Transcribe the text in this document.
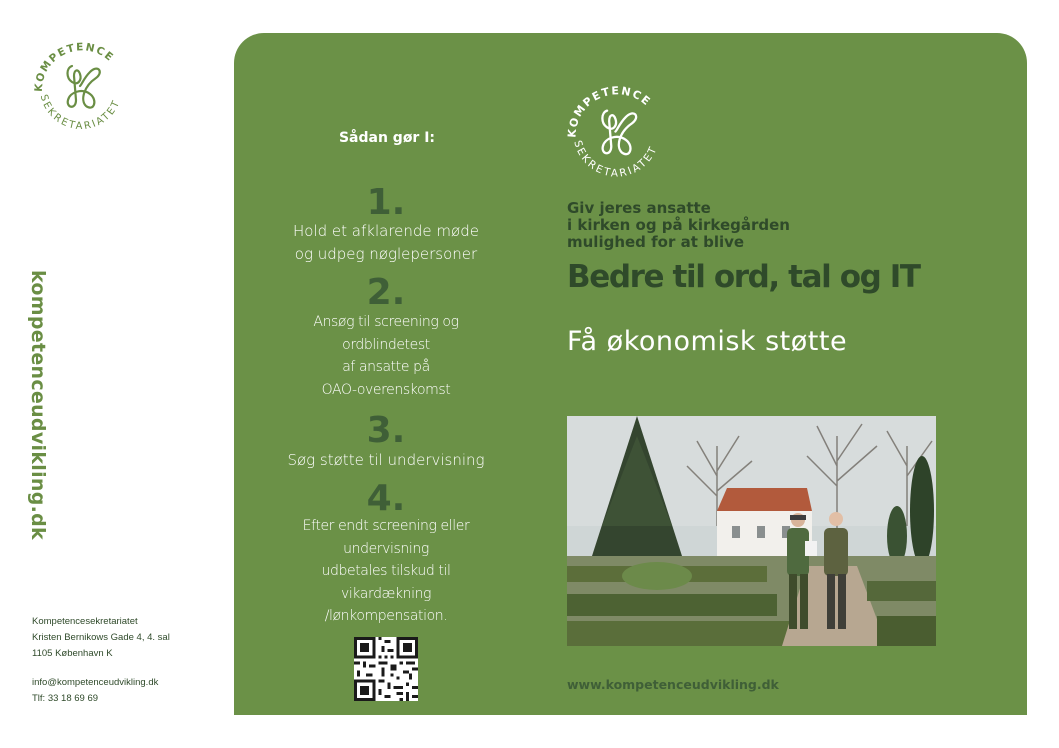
KOMPETENCE
SEKRETARIATET
kompetenceudvikling.dk
Kompetencesekretariatet
Kristen Bernikows Gade 4, 4. sal
1105 København K
info@kompetenceudvikling.dk
Tlf: 33 18 69 69
Sådan gør I:
1.
Hold et afklarende møde
og udpeg nøglepersoner
2.
Ansøg til screening og
ordblindetest
af ansatte på
OAO-overenskomst
3.
Søg støtte til undervisning
4.
Efter endt screening eller
undervisning
udbetales tilskud til
vikardækning
/lønkompensation.
KOMPETENCE
SEKRETARIATET
Giv jeres ansatte
i kirken og på kirkegården
mulighed for at blive
Bedre til ord, tal og IT
Få økonomisk støtte
www.kompetenceudvikling.dk
